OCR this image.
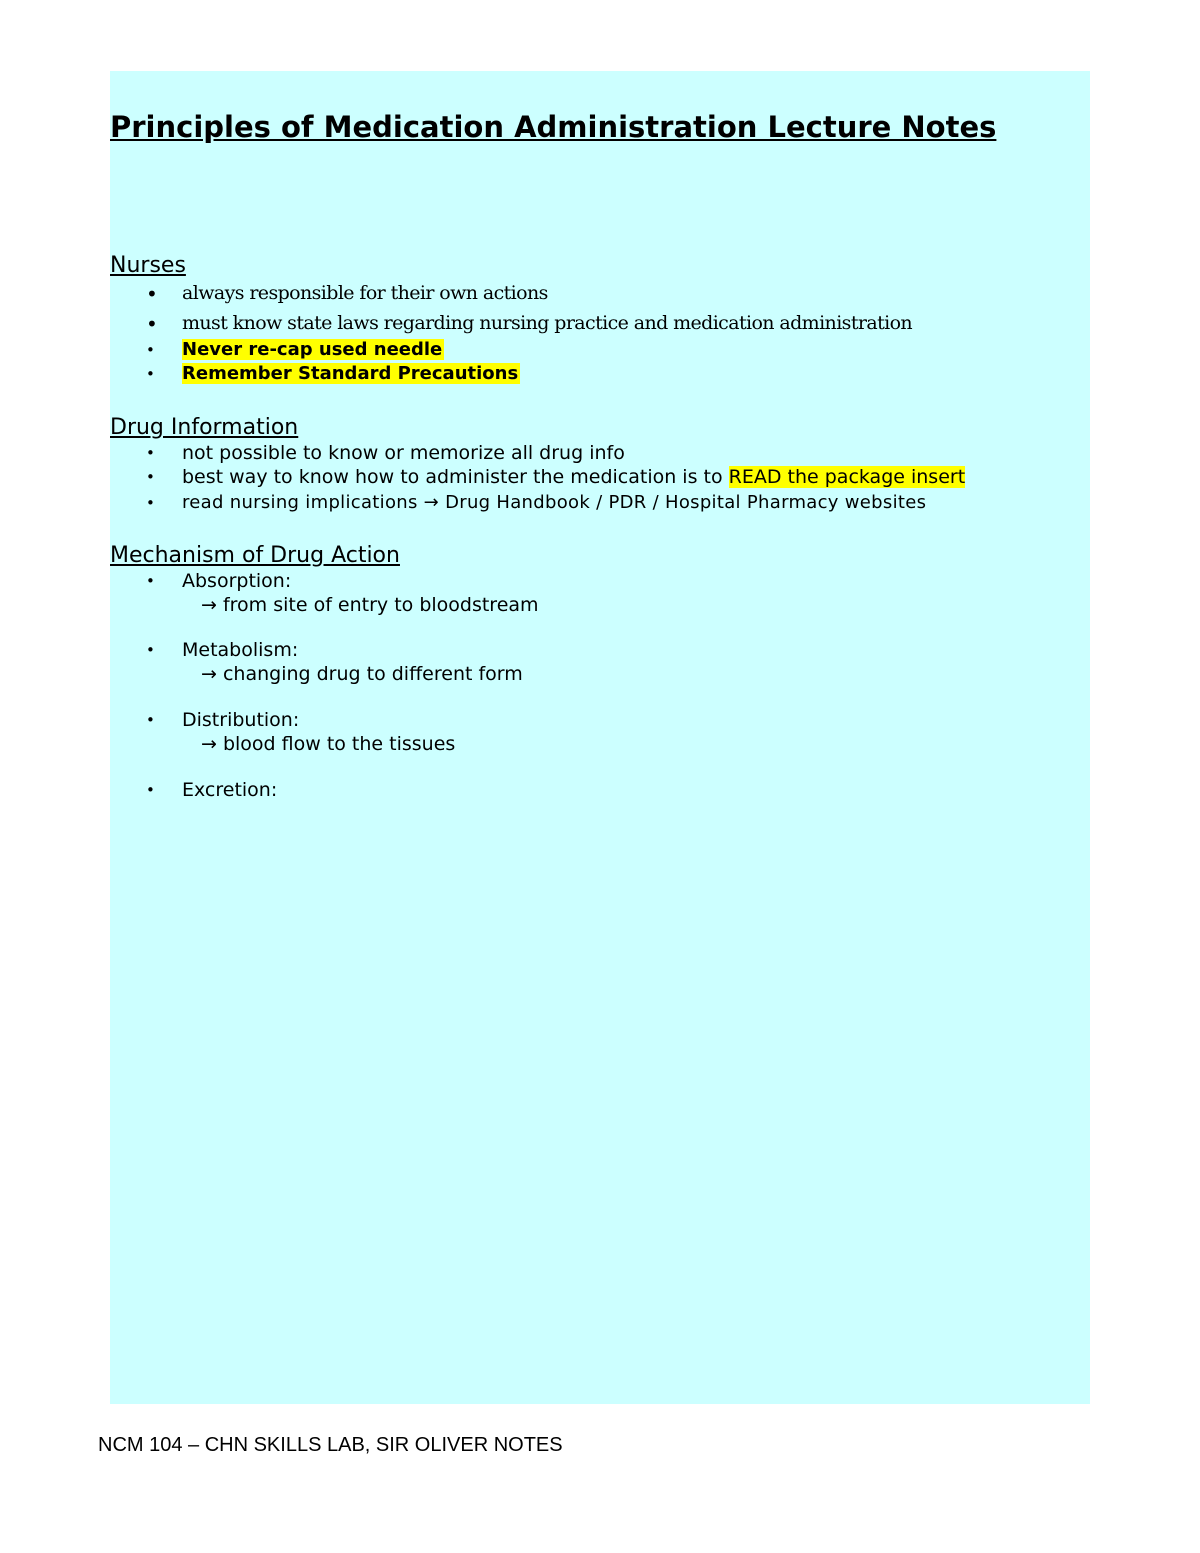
Principles of Medication Administration Lecture Notes
Nurses
• always responsible for their own actions
• must know state laws regarding nursing practice and medication administration
• Never re-cap used needle
• Remember Standard Precautions
Drug Information
• not possible to know or memorize all drug info
• best way to know how to administer the medication is to READ the package insert
• read nursing implications → Drug Handbook / PDR / Hospital Pharmacy websites
Mechanism of Drug Action
• Absorption:
→ from site of entry to bloodstream
• Metabolism:
→ changing drug to different form
• Distribution:
→ blood flow to the tissues
• Excretion:
NCM 104 – CHN SKILLS LAB, SIR OLIVER NOTES
